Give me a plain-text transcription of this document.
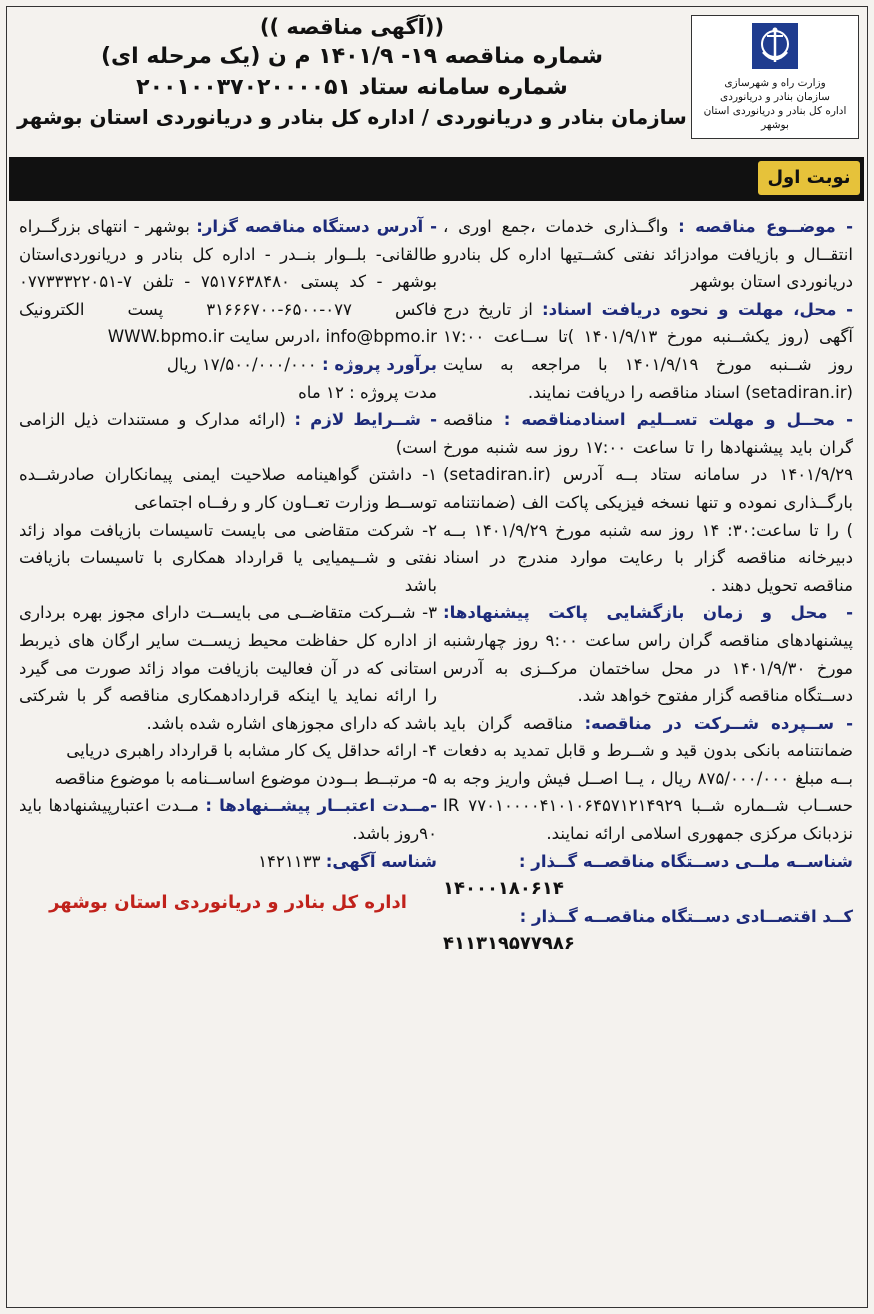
وزارت راه و شهرسازی
سازمان بنادر و دریانوردی
اداره کل بنادر و دریانوردی استان بوشهر
((آگهی مناقصه ))
شماره مناقصه ۱۹- ۱۴۰۱/۹ م ن (یک مرحله ای)
شماره سامانه ستاد ۲۰۰۱۰۰۳۷۰۲۰۰۰۰۵۱
سازمان بنادر و دریانوردی / اداره کل بنادر و دریانوردی استان بوشهر
نوبت اول

- موضــوع مناقصه : واگــذاری خدمات ،جمع اوری ، انتقــال و بازیافت موادزائد نفتی کشــتیها اداره کل بنادرو دریانوردی استان بوشهر

- محل، مهلت و نحوه دریافت اسناد: از تاریخ درج آگهی (روز یکشــنبه مورخ ۱۴۰۱/۹/۱۳ )تا ســاعت ۱۷:۰۰ روز شــنبه مورخ ۱۴۰۱/۹/۱۹ با مراجعه به سایت (setadiran.ir) اسناد مناقصه را دریافت نمایند.

- محــل و مهلت تســلیم اسنادمناقصه : مناقصه گران باید پیشنهادها را تا ساعت ۱۷:۰۰ روز سه شنبه مورخ ۱۴۰۱/۹/۲۹ در سامانه ستاد بــه آدرس (setadiran.ir) بارگــذاری نموده و تنها نسخه فیزیکی پاکت الف (ضمانتنامه ) را تا ساعت:۳۰: ۱۴ روز سه شنبه مورخ ۱۴۰۱/۹/۲۹ بــه دبیرخانه مناقصه گزار با رعایت موارد مندرج در اسناد مناقصه تحویل دهند .

- محل و زمان بازگشایی پاکت پیشنهادها: پیشنهادهای مناقصه گران راس ساعت ۹:۰۰ روز چهارشنبه مورخ ۱۴۰۱/۹/۳۰ در محل ساختمان مرکــزی به آدرس دســتگاه مناقصه گزار مفتوح خواهد شد.

- ســپرده شــرکت در مناقصه: مناقصه گران باید ضمانتنامه بانکی بدون قید و شــرط و قابل تمدید به دفعات بــه مبلغ ۸۷۵/۰۰۰/۰۰۰ ریال ، یــا اصــل فیش واریز وجه به حســاب شــماره شــبا IR ۷۷۰۱۰۰۰۰۴۱۰۱۰۶۴۵۷۱۲۱۴۹۲۹ نزدبانک مرکزی جمهوری اسلامی ارائه نمایند.

شناســه ملــی دســتگاه مناقصــه گــذار :
۱۴۰۰۰۱۸۰۶۱۴

کــد اقتصــادی دســتگاه مناقصــه گــذار :
۴۱۱۳۱۹۵۷۷۹۸۶

- آدرس دستگاه مناقصه گزار: بوشهر - انتهای بزرگــراه طالقانی- بلــوار بنــدر - اداره کل بنادر و دریانوردی‌استان بوشهر - کد پستی ۷۵۱۷۶۳۸۴۸۰ - تلفن ۷-۰۷۷۳۳۳۲۲۰۵۱ فاکس ۰۷۷-۶۵۰۰-۳۱۶۶۶۷۰۰ پست الکترونیک info@bpmo.ir ،ادرس سایت WWW.bpmo.ir

برآورد پروژه : ۱۷/۵۰۰/۰۰۰/۰۰۰ ریال

مدت پروژه : ۱۲ ماه

- شــرایط لازم : (ارائه مدارک و مستندات ذیل الزامی است)

۱- داشتن گواهینامه صلاحیت ایمنی پیمانکاران صادرشــده توســط وزارت تعــاون کار و رفــاه اجتماعی
۲- شرکت متقاضی می بایست تاسیسات بازیافت مواد زائد نفتی و شــیمیایی یا قرارداد همکاری با تاسیسات بازیافت باشد
۳- شــرکت متقاضــی می بایســت دارای مجوز بهره برداری از اداره کل حفاظت محیط زیســت سایر ارگان های ذیربط استانی که در آن فعالیت بازیافت مواد زائد صورت می گیرد را ارائه نماید یا اینکه قراردادهمکاری مناقصه گر با شرکتی باشد که دارای مجوزهای اشاره شده باشد.
۴- ارائه حداقل یک کار مشابه با قرارداد راهبری دریایی
۵- مرتبــط بــودن موضوع اساســنامه با موضوع مناقصه

-مــدت اعتبــار پیشــنهادها : مــدت اعتبارپیشنهادها باید ۹۰روز باشد.

شناسه آگهی: ۱۴۲۱۱۳۳

اداره کل بنادر و دریانوردی استان بوشهر
